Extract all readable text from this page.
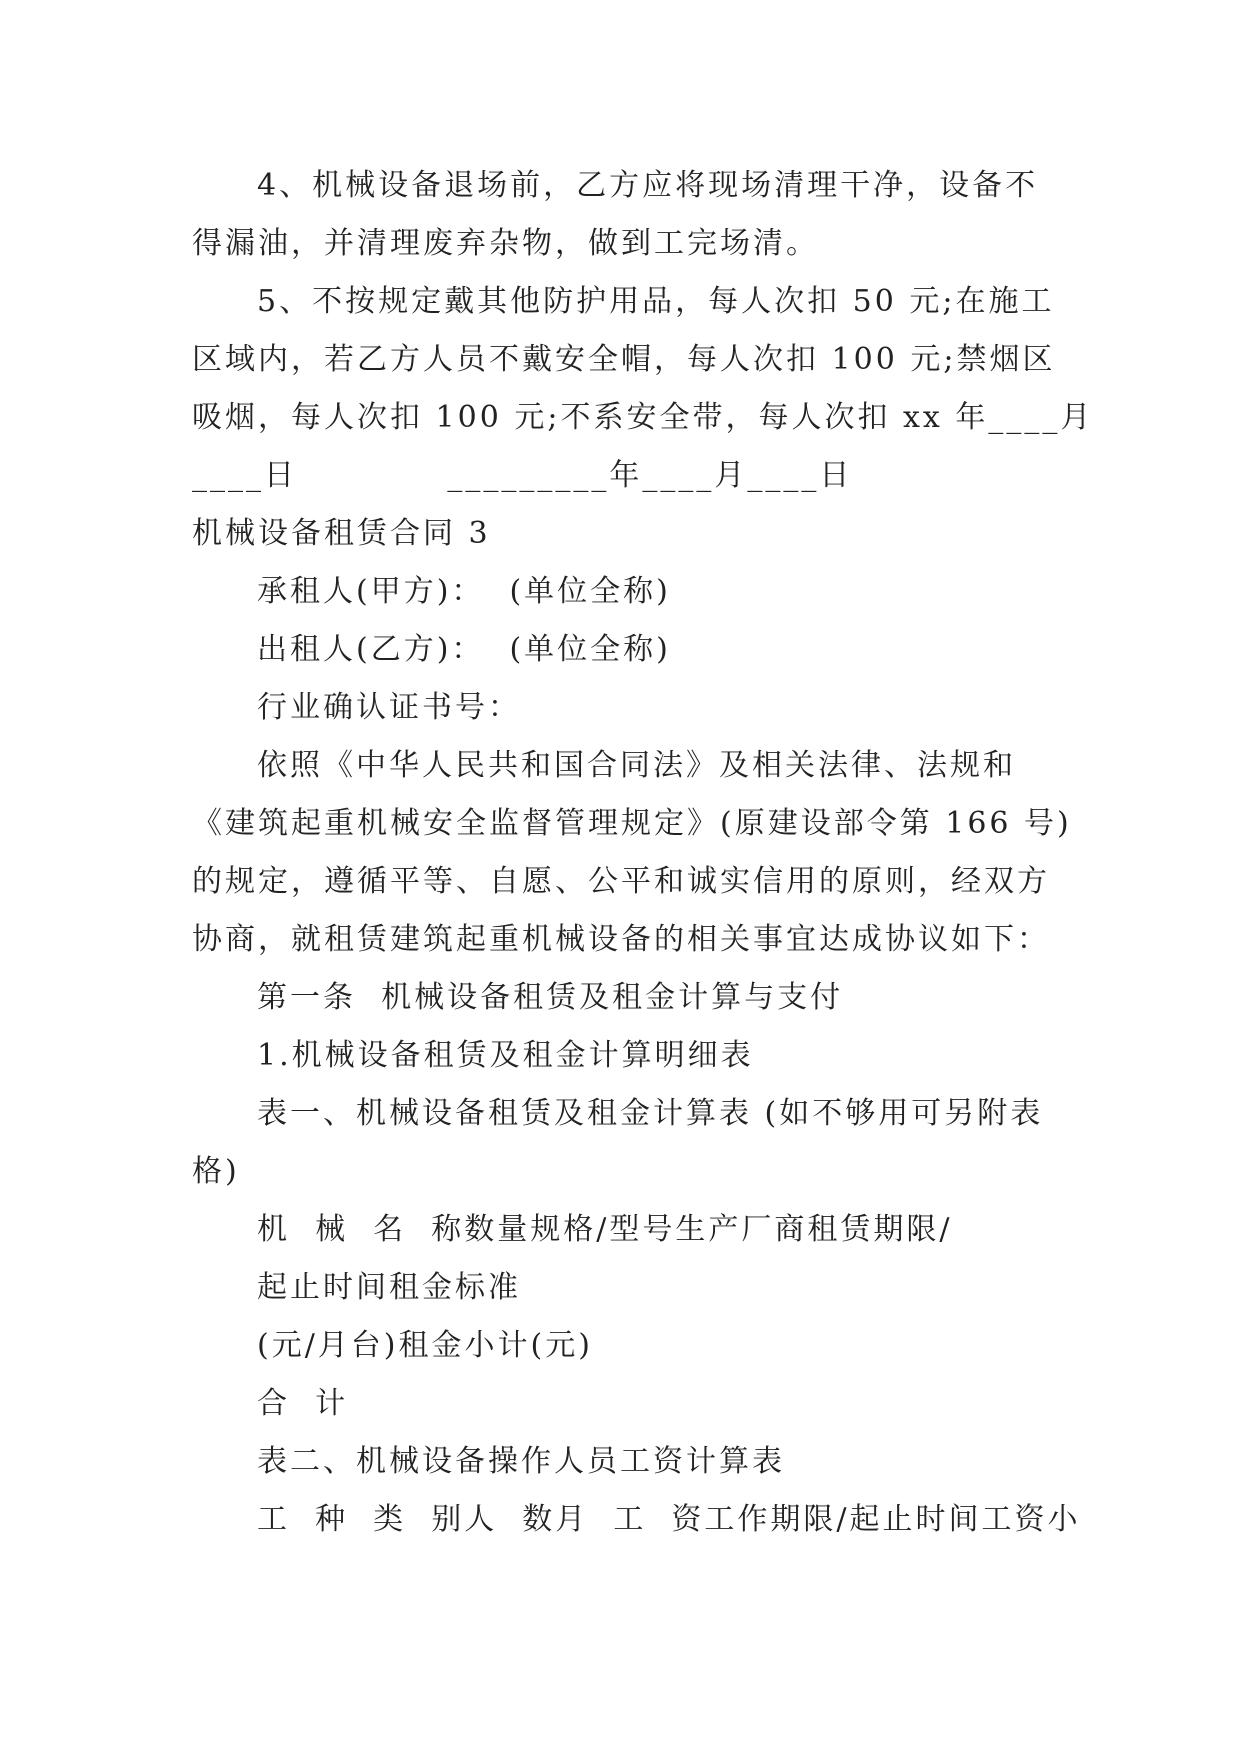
4、机械设备退场前，乙方应将现场清理干净，设备不
得漏油，并清理废弃杂物，做到工完场清。
5、不按规定戴其他防护用品，每人次扣 50 元;在施工
区域内，若乙方人员不戴安全帽，每人次扣 100 元;禁烟区
吸烟，每人次扣 100 元;不系安全带，每人次扣 xx 年____月
____日            _________年____月____日
机械设备租赁合同 3
承租人(甲方)：  (单位全称)
出租人(乙方)：  (单位全称)
行业确认证书号：
依照《中华人民共和国合同法》及相关法律、法规和
《建筑起重机械安全监督管理规定》(原建设部令第 166 号)
的规定，遵循平等、自愿、公平和诚实信用的原则，经双方
协商，就租赁建筑起重机械设备的相关事宜达成协议如下：
第一条  机械设备租赁及租金计算与支付
1.机械设备租赁及租金计算明细表
表一、机械设备租赁及租金计算表 (如不够用可另附表
格)
机  械  名  称数量规格/型号生产厂商租赁期限/
起止时间租金标准
(元/月台)租金小计(元)
合  计
表二、机械设备操作人员工资计算表
工  种  类  别人  数月  工  资工作期限/起止时间工资小
